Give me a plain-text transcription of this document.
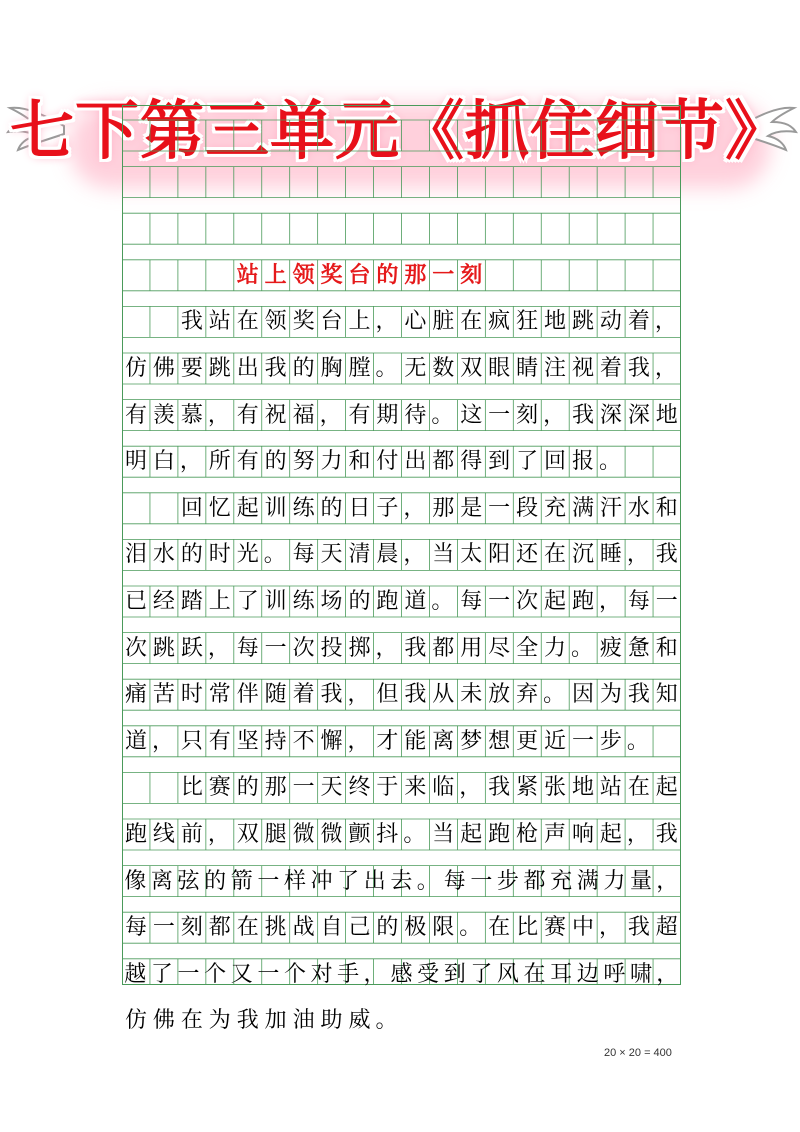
七下第三单元《抓住细节》
站 上 领 奖 台 的 那 一 刻
我 站 在 领 奖 台 上 ， 心 脏 在 疯 狂 地 跳 动 着 ，
仿 佛 要 跳 出 我 的 胸 膛 。 无 数 双 眼 睛 注 视 着 我 ，
有 羡 慕 ， 有 祝 福 ， 有 期 待 。 这 一 刻 ， 我 深 深 地
明 白 ， 所 有 的 努 力 和 付 出 都 得 到 了 回 报 。
回 忆 起 训 练 的 日 子 ， 那 是 一 段 充 满 汗 水 和
泪 水 的 时 光 。 每 天 清 晨 ， 当 太 阳 还 在 沉 睡 ， 我
已 经 踏 上 了 训 练 场 的 跑 道 。 每 一 次 起 跑 ， 每 一
次 跳 跃 ， 每 一 次 投 掷 ， 我 都 用 尽 全 力 。 疲 惫 和
痛 苦 时 常 伴 随 着 我 ， 但 我 从 未 放 弃 。 因 为 我 知
道 ， 只 有 坚 持 不 懈 ， 才 能 离 梦 想 更 近 一 步 。
比 赛 的 那 一 天 终 于 来 临 ， 我 紧 张 地 站 在 起
跑 线 前 ， 双 腿 微 微 颤 抖 。 当 起 跑 枪 声 响 起 ， 我
像 离 弦 的 箭 一 样 冲 了 出 去 。 每 一 步 都 充 满 力 量 ，
每 一 刻 都 在 挑 战 自 己 的 极 限 。 在 比 赛 中 ， 我 超
越 了 一 个 又 一 个 对 手 ， 感 受 到 了 风 在 耳 边 呼 啸 ，
仿 佛 在 为 我 加 油 助 威 。
20 × 20 = 400
